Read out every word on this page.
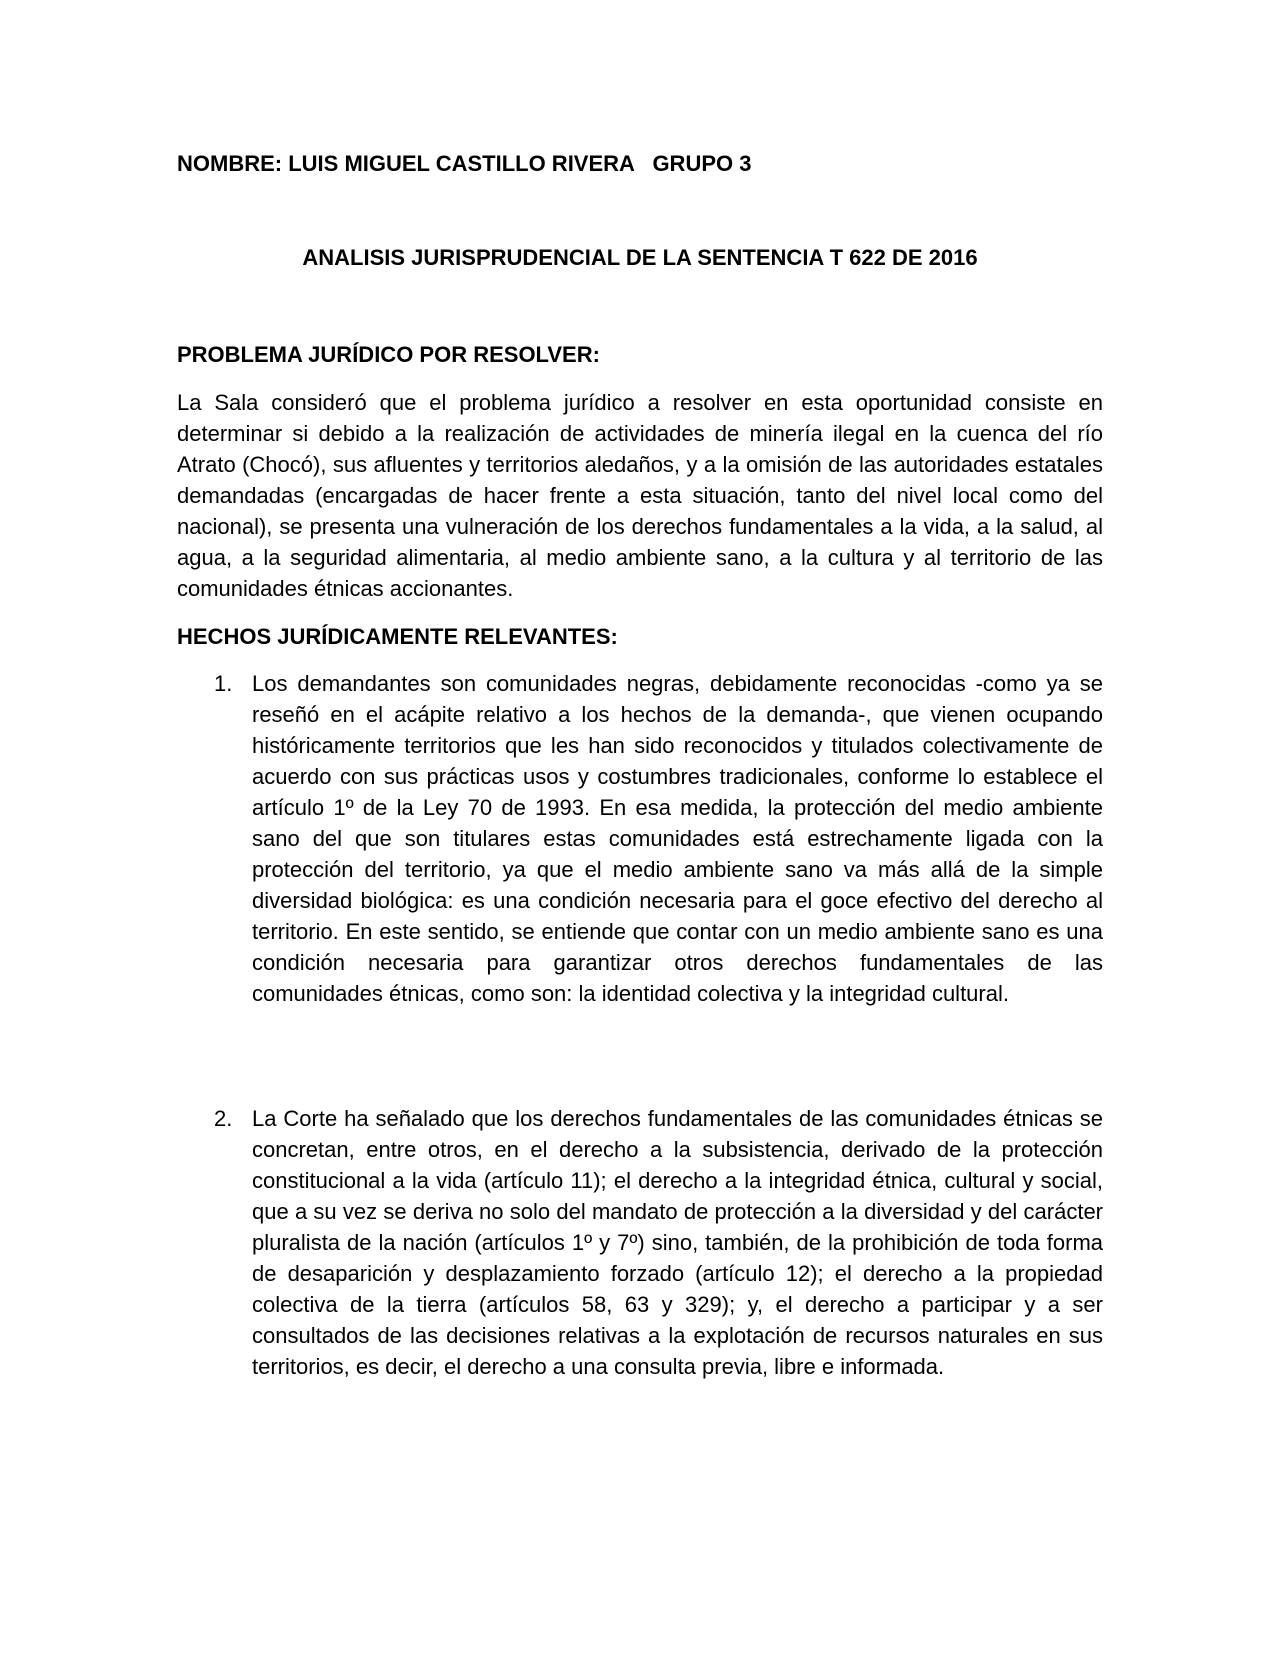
NOMBRE: LUIS MIGUEL CASTILLO RIVERA   GRUPO 3
ANALISIS JURISPRUDENCIAL DE LA SENTENCIA T 622 DE 2016
PROBLEMA JURÍDICO POR RESOLVER:
La Sala consideró que el problema jurídico a resolver en esta oportunidad consiste en determinar si debido a la realización de actividades de minería ilegal en la cuenca del río Atrato (Chocó), sus afluentes y territorios aledaños, y a la omisión de las autoridades estatales demandadas (encargadas de hacer frente a esta situación, tanto del nivel local como del nacional), se presenta una vulneración de los derechos fundamentales a la vida, a la salud, al agua, a la seguridad alimentaria, al medio ambiente sano, a la cultura y al territorio de las comunidades étnicas accionantes.
HECHOS JURÍDICAMENTE RELEVANTES:
1. Los demandantes son comunidades negras, debidamente reconocidas -como ya se reseñó en el acápite relativo a los hechos de la demanda-, que vienen ocupando históricamente territorios que les han sido reconocidos y titulados colectivamente de acuerdo con sus prácticas usos y costumbres tradicionales, conforme lo establece el artículo 1º de la Ley 70 de 1993. En esa medida, la protección del medio ambiente sano del que son titulares estas comunidades está estrechamente ligada con la protección del territorio, ya que el medio ambiente sano va más allá de la simple diversidad biológica: es una condición necesaria para el goce efectivo del derecho al territorio. En este sentido, se entiende que contar con un medio ambiente sano es una condición necesaria para garantizar otros derechos fundamentales de las comunidades étnicas, como son: la identidad colectiva y la integridad cultural.
2. La Corte ha señalado que los derechos fundamentales de las comunidades étnicas se concretan, entre otros, en el derecho a la subsistencia, derivado de la protección constitucional a la vida (artículo 11); el derecho a la integridad étnica, cultural y social, que a su vez se deriva no solo del mandato de protección a la diversidad y del carácter pluralista de la nación (artículos 1º y 7º) sino, también, de la prohibición de toda forma de desaparición y desplazamiento forzado (artículo 12); el derecho a la propiedad colectiva de la tierra (artículos 58, 63 y 329); y, el derecho a participar y a ser consultados de las decisiones relativas a la explotación de recursos naturales en sus territorios, es decir, el derecho a una consulta previa, libre e informada.
